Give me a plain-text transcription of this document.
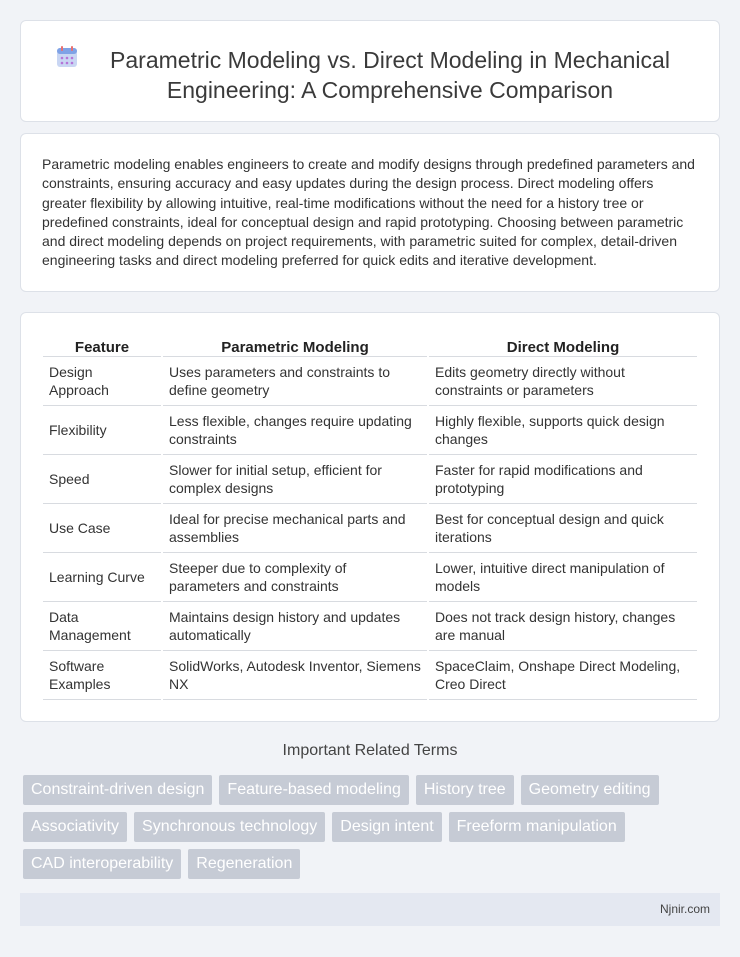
Parametric Modeling vs. Direct Modeling in Mechanical Engineering: A Comprehensive Comparison

Parametric modeling enables engineers to create and modify designs through predefined parameters and constraints, ensuring accuracy and easy updates during the design process. Direct modeling offers greater flexibility by allowing intuitive, real-time modifications without the need for a history tree or predefined constraints, ideal for conceptual design and rapid prototyping. Choosing between parametric and direct modeling depends on project requirements, with parametric suited for complex, detail-driven engineering tasks and direct modeling preferred for quick edits and iterative development.

Feature	Parametric Modeling	Direct Modeling
Design Approach	Uses parameters and constraints to define geometry	Edits geometry directly without constraints or parameters
Flexibility	Less flexible, changes require updating constraints	Highly flexible, supports quick design changes
Speed	Slower for initial setup, efficient for complex designs	Faster for rapid modifications and prototyping
Use Case	Ideal for precise mechanical parts and assemblies	Best for conceptual design and quick iterations
Learning Curve	Steeper due to complexity of parameters and constraints	Lower, intuitive direct manipulation of models
Data Management	Maintains design history and updates automatically	Does not track design history, changes are manual
Software Examples	SolidWorks, Autodesk Inventor, Siemens NX	SpaceClaim, Onshape Direct Modeling, Creo Direct
Important Related Terms
Constraint-driven design	Feature-based modeling	History tree	Geometry editing
Associativity	Synchronous technology	Design intent	Freeform manipulation
CAD interoperability	Regeneration
Njnir.com
